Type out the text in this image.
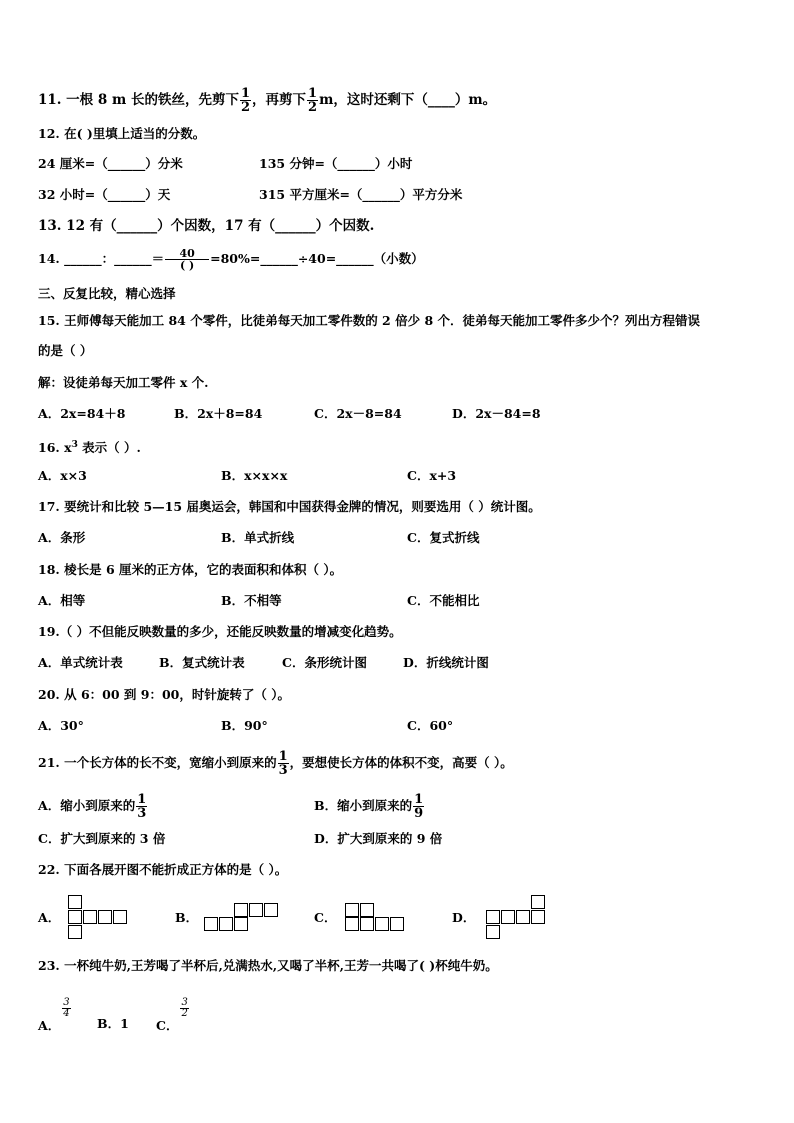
11. 一根 8 m 长的铁丝，先剪下 $\frac{1}{2}$ ，再剪下 $\frac{1}{2}$ m，这时还剩下（____）m。
12. 在( )里填上适当的分数。
24 厘米=（______）分米	135 分钟=（______）小时
32 小时=（______）天	315 平方厘米=（______）平方分米
13. 12 有（______）个因数，17 有（______）个因数.
14. ______：______＝ $\frac{40}{( )}$ =80%=______÷40=______（小数）
三、反复比较，精心选择
15. 王师傅每天能加工 84 个零件，比徒弟每天加工零件数的 2 倍少 8 个．徒弟每天能加工零件多少个？列出方程错误
的是（ ）
解：设徒弟每天加工零件 x 个.
A．2x=84＋8	B．2x＋8=84	C．2x－8=84	D．2x－84=8
16. $x^3$ 表示（ ）.
A．x×3	B．x×x×x	C．x+3
17. 要统计和比较 5—15 届奥运会，韩国和中国获得金牌的情况，则要选用（ ）统计图。
A．条形	B．单式折线	C．复式折线
18. 棱长是 6 厘米的正方体，它的表面积和体积（ ）。
A．相等	B．不相等	C．不能相比
19.（ ）不但能反映数量的多少，还能反映数量的增减变化趋势。
A．单式统计表	B．复式统计表	C．条形统计图	D．折线统计图
20. 从 6：00 到 9：00，时针旋转了（ ）。
A．30°	B．90°	C．60°
21. 一个长方体的长不变，宽缩小到原来的 $\frac{1}{3}$ ，要想使长方体的体积不变，高要（ ）。
A．缩小到原来的 $\frac{1}{3}$	B．缩小到原来的 $\frac{1}{9}$
C．扩大到原来的 3 倍	D．扩大到原来的 9 倍
22. 下面各展开图不能折成正方体的是（ ）。
A．	B．	C．	D．
23. 一杯纯牛奶,王芳喝了半杯后,兑满热水,又喝了半杯,王芳一共喝了( )杯纯牛奶。
A．
$\frac{3}{4}$
B．1 C．
$\frac{3}{2}$
